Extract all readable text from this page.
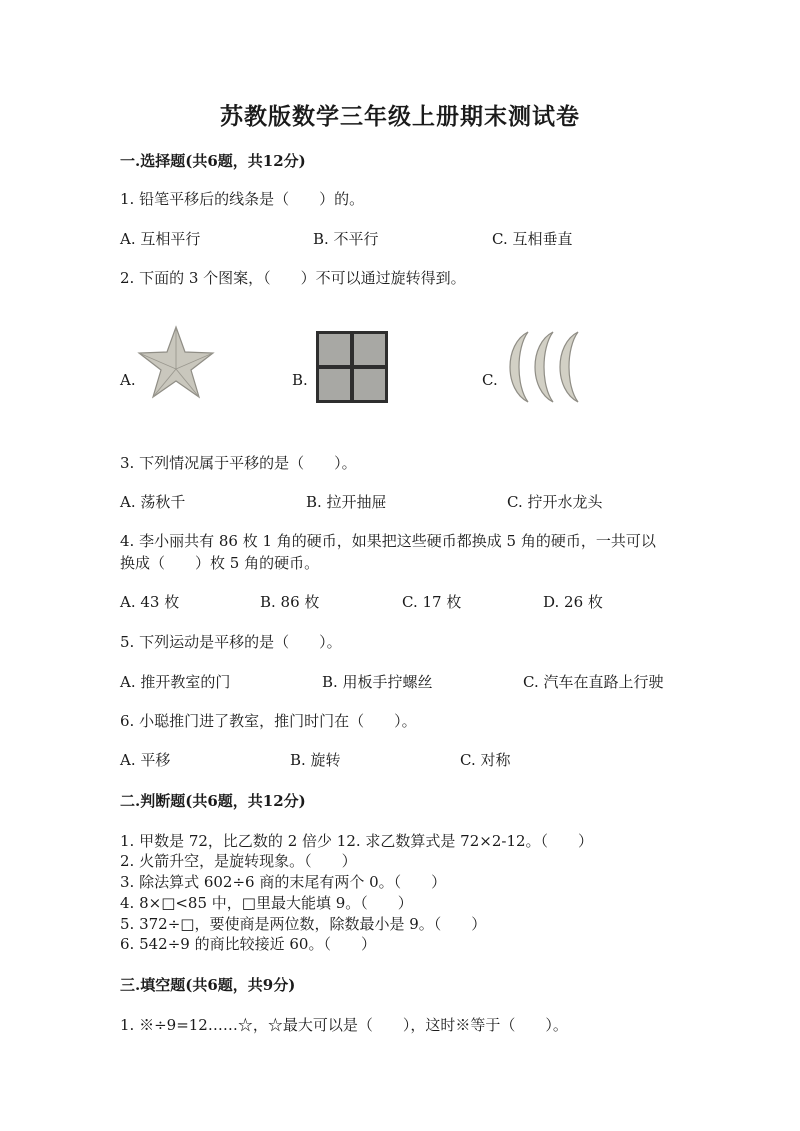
苏教版数学三年级上册期末测试卷
一.选择题(共6题，共12分)
1. 铅笔平移后的线条是（　　）的。
A. 互相平行	B. 不平行	C. 互相垂直
2. 下面的 3 个图案，（　　）不可以通过旋转得到。
A.	B.	C.
3. 下列情况属于平移的是（　　）。
A. 荡秋千	B. 拉开抽屉	C. 拧开水龙头
4. 李小丽共有 86 枚 1 角的硬币，如果把这些硬币都换成 5 角的硬币，一共可以
换成（　　）枚 5 角的硬币。
A. 43 枚	B. 86 枚	C. 17 枚	D. 26 枚
5. 下列运动是平移的是（　　）。
A. 推开教室的门	B. 用板手拧螺丝	C. 汽车在直路上行驶
6. 小聪推门进了教室，推门时门在（　　）。
A. 平移	B. 旋转	C. 对称
二.判断题(共6题，共12分)
1. 甲数是 72，比乙数的 2 倍少 12. 求乙数算式是 72×2-12。（　　）
2. 火箭升空，是旋转现象。（　　）
3. 除法算式 602÷6 商的末尾有两个 0。（　　）
4. 8×□<85 中，□里最大能填 9。（　　）
5. 372÷□，要使商是两位数，除数最小是 9。（　　）
6. 542÷9 的商比较接近 60。（　　）
三.填空题(共6题，共9分)
1. ※÷9=12……☆，☆最大可以是（　　），这时※等于（　　）。
